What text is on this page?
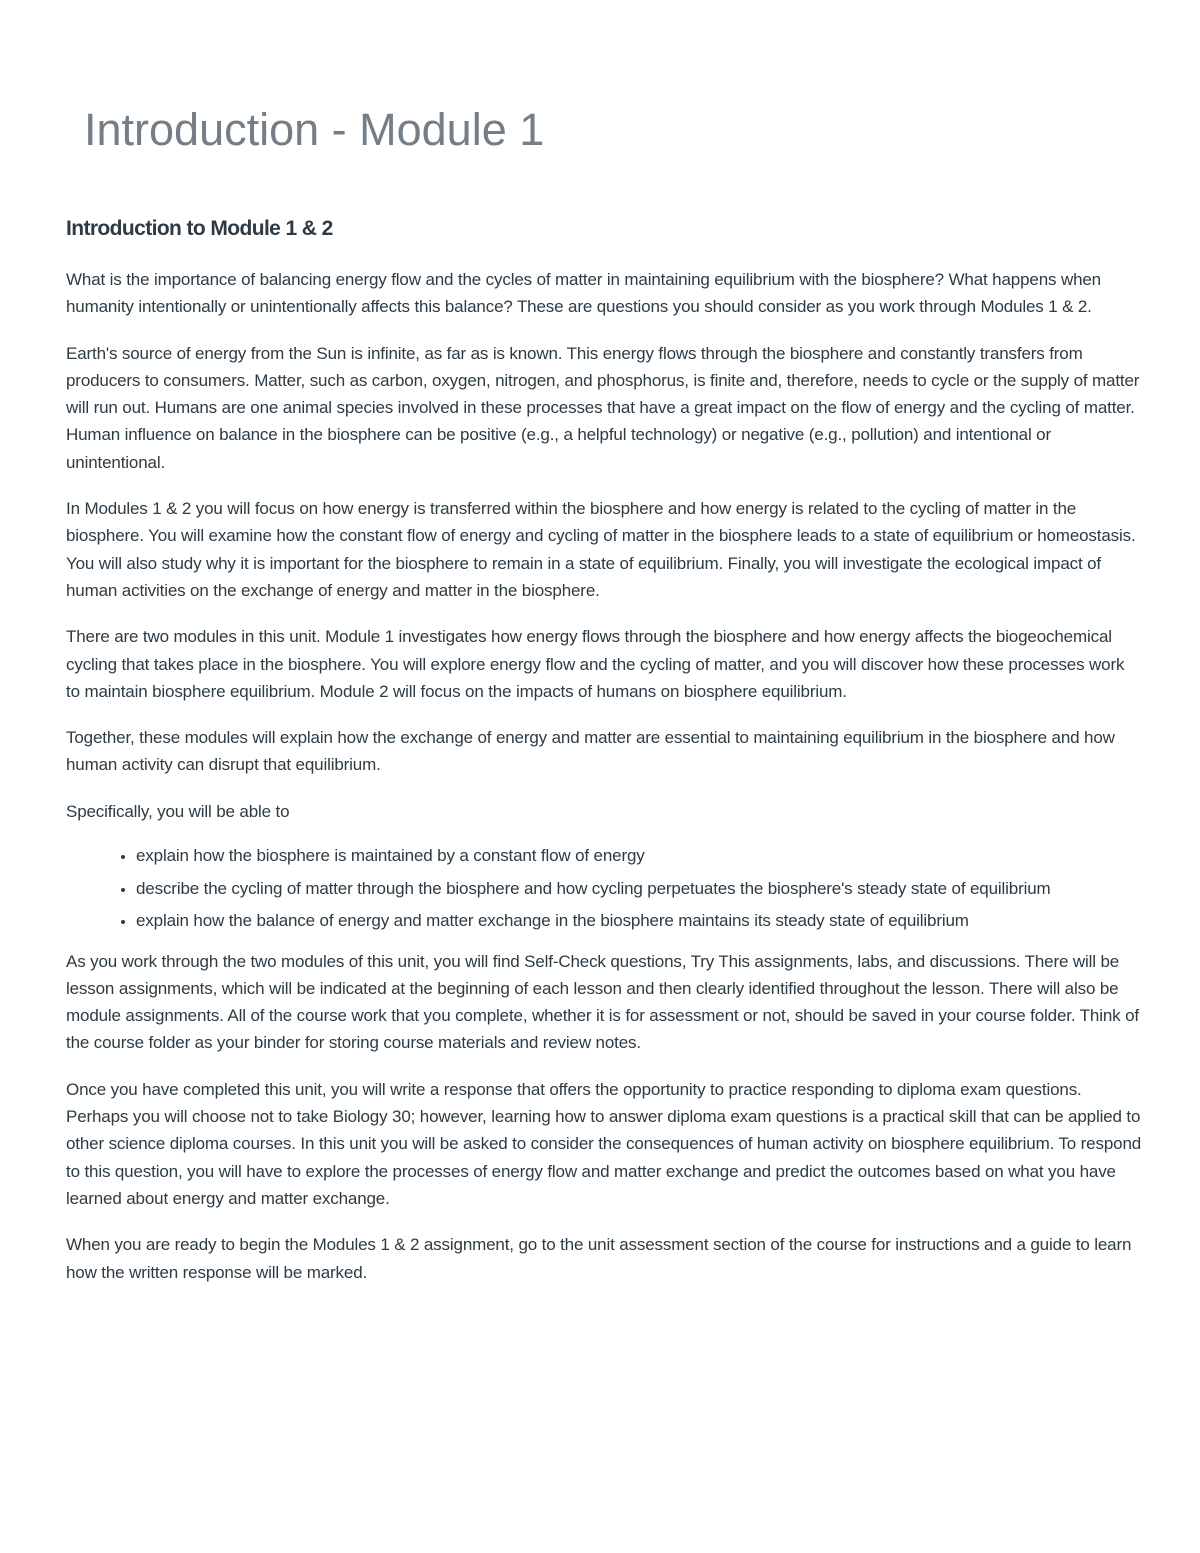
Introduction - Module 1
Introduction to Module 1 & 2

What is the importance of balancing energy flow and the cycles of matter in maintaining equilibrium with the biosphere? What happens when humanity intentionally or unintentionally affects this balance? These are questions you should consider as you work through Modules 1 & 2.

Earth's source of energy from the Sun is infinite, as far as is known. This energy flows through the biosphere and constantly transfers from producers to consumers. Matter, such as carbon, oxygen, nitrogen, and phosphorus, is finite and, therefore, needs to cycle or the supply of matter will run out. Humans are one animal species involved in these processes that have a great impact on the flow of energy and the cycling of matter. Human influence on balance in the biosphere can be positive (e.g., a helpful technology) or negative (e.g., pollution) and intentional or unintentional.

In Modules 1 & 2 you will focus on how energy is transferred within the biosphere and how energy is related to the cycling of matter in the biosphere. You will examine how the constant flow of energy and cycling of matter in the biosphere leads to a state of equilibrium or homeostasis. You will also study why it is important for the biosphere to remain in a state of equilibrium. Finally, you will investigate the ecological impact of human activities on the exchange of energy and matter in the biosphere.

There are two modules in this unit. Module 1 investigates how energy flows through the biosphere and how energy affects the biogeochemical cycling that takes place in the biosphere. You will explore energy flow and the cycling of matter, and you will discover how these processes work to maintain biosphere equilibrium. Module 2 will focus on the impacts of humans on biosphere equilibrium.

Together, these modules will explain how the exchange of energy and matter are essential to maintaining equilibrium in the biosphere and how human activity can disrupt that equilibrium.

Specifically, you will be able to

• explain how the biosphere is maintained by a constant flow of energy
• describe the cycling of matter through the biosphere and how cycling perpetuates the biosphere's steady state of equilibrium
• explain how the balance of energy and matter exchange in the biosphere maintains its steady state of equilibrium

As you work through the two modules of this unit, you will find Self-Check questions, Try This assignments, labs, and discussions. There will be lesson assignments, which will be indicated at the beginning of each lesson and then clearly identified throughout the lesson. There will also be module assignments. All of the course work that you complete, whether it is for assessment or not, should be saved in your course folder. Think of the course folder as your binder for storing course materials and review notes.

Once you have completed this unit, you will write a response that offers the opportunity to practice responding to diploma exam questions. Perhaps you will choose not to take Biology 30; however, learning how to answer diploma exam questions is a practical skill that can be applied to other science diploma courses. In this unit you will be asked to consider the consequences of human activity on biosphere equilibrium. To respond to this question, you will have to explore the processes of energy flow and matter exchange and predict the outcomes based on what you have learned about energy and matter exchange.

When you are ready to begin the Modules 1 & 2 assignment, go to the unit assessment section of the course for instructions and a guide to learn how the written response will be marked.
